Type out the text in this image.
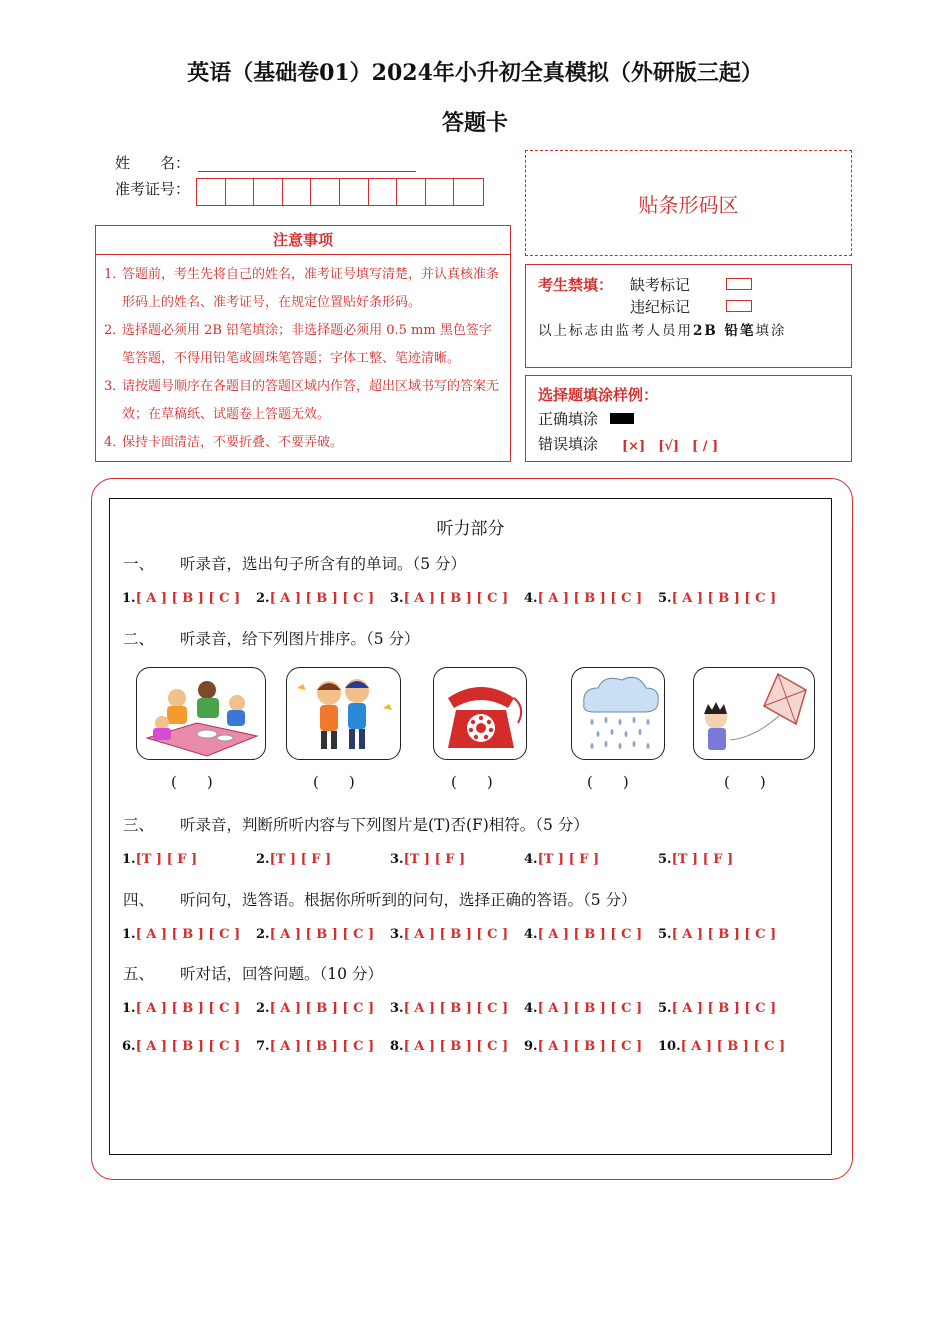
英语（基础卷01）2024年小升初全真模拟（外研版三起）
答题卡
姓　　名：
准考证号：
贴条形码区
注意事项
1．
答题前，考生先将自己的姓名，准考证号填写清楚，并认真核准条形码上的姓名、准考证号，在规定位置贴好条形码。
2．
选择题必须用 2B 铅笔填涂；非选择题必须用 0.5 mm 黑色签字笔答题，不得用铅笔或圆珠笔答题；字体工整、笔迹清晰。
3．
请按题号顺序在各题目的答题区域内作答，超出区域书写的答案无效；在草稿纸、试题卷上答题无效。
4．
保持卡面清洁，不要折叠、不要弄破。
考生禁填： 缺考标记
违纪标记
以上标志由监考人员用2B 铅笔填涂
选择题填涂样例：
正确填涂
错误填涂 [×]　[√]　[ / ]
听力部分
一、 听录音，选出句子所含有的单词。（5 分）
1.[ A ] [ B ] [ C ]	2.[ A ] [ B ] [ C ]	3.[ A ] [ B ] [ C ]	4.[ A ] [ B ] [ C ]	5.[ A ] [ B ] [ C ]
二、 听录音，给下列图片排序。（5 分）
(　　)	(　　)	(　　)	(　　)	(　　)
三、 听录音，判断所听内容与下列图片是(T)否(F)相符。（5 分）
1.[T ] [ F ]	2.[T ] [ F ]	3.[T ] [ F ]	4.[T ] [ F ]	5.[T ] [ F ]
四、 听问句，选答语。根据你所听到的问句，选择正确的答语。（5 分）
1.[ A ] [ B ] [ C ]	2.[ A ] [ B ] [ C ]	3.[ A ] [ B ] [ C ]	4.[ A ] [ B ] [ C ]	5.[ A ] [ B ] [ C ]
五、 听对话，回答问题。（10 分）
1.[ A ] [ B ] [ C ]	2.[ A ] [ B ] [ C ]	3.[ A ] [ B ] [ C ]	4.[ A ] [ B ] [ C ]	5.[ A ] [ B ] [ C ]
6.[ A ] [ B ] [ C ]	7.[ A ] [ B ] [ C ]	8.[ A ] [ B ] [ C ]	9.[ A ] [ B ] [ C ]	10.[ A ] [ B ] [ C ]
